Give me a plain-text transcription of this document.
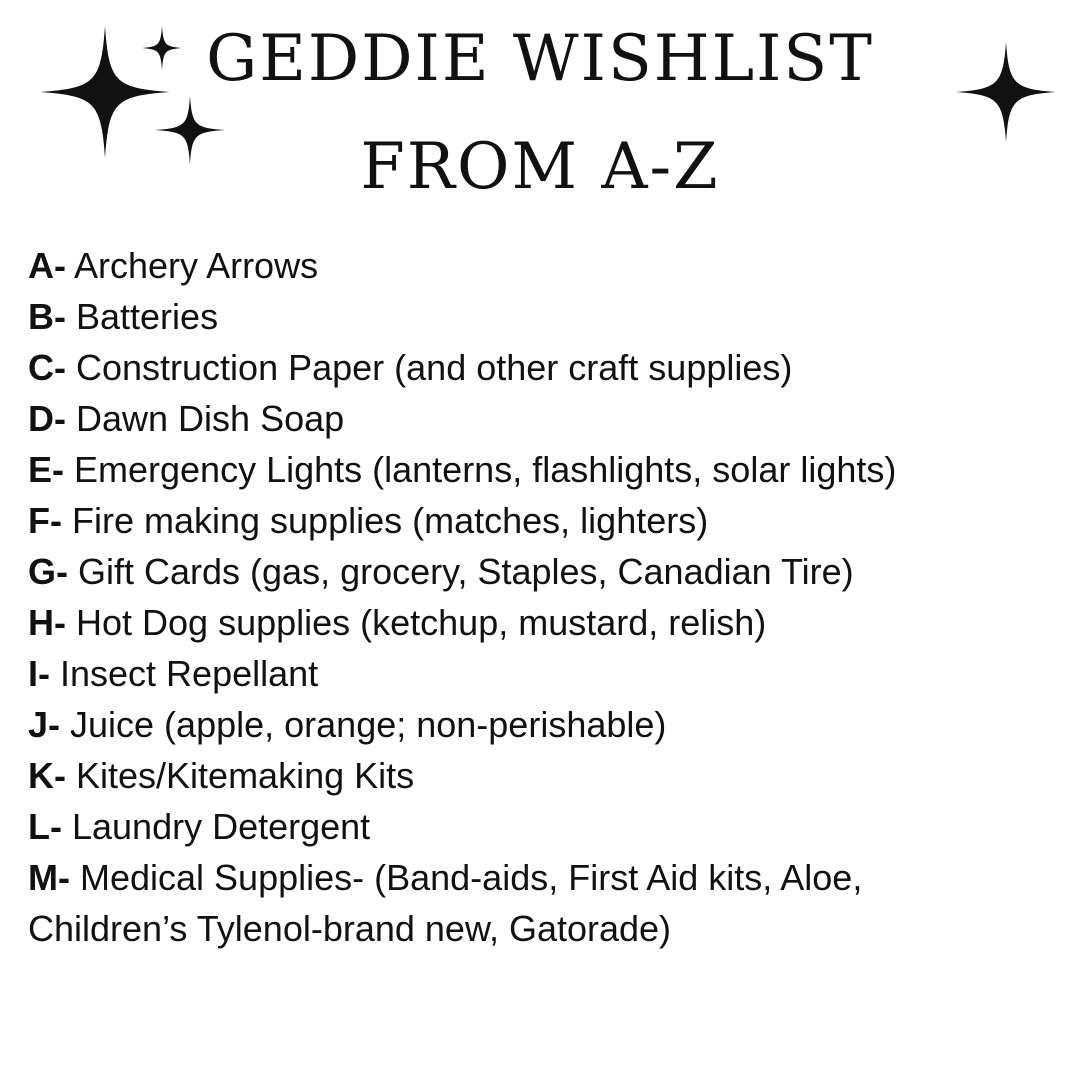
GEDDIE WISHLIST
FROM A-Z

A- Archery Arrows

B- Batteries

C- Construction Paper (and other craft supplies)

D- Dawn Dish Soap

E- Emergency Lights (lanterns, flashlights, solar lights)

F- Fire making supplies (matches, lighters)

G- Gift Cards (gas, grocery, Staples, Canadian Tire)

H- Hot Dog supplies (ketchup, mustard, relish)

I- Insect Repellant

J- Juice (apple, orange; non-perishable)

K- Kites/Kitemaking Kits

L- Laundry Detergent

M- Medical Supplies- (Band-aids, First Aid kits, Aloe,

Children’s Tylenol-brand new, Gatorade)
